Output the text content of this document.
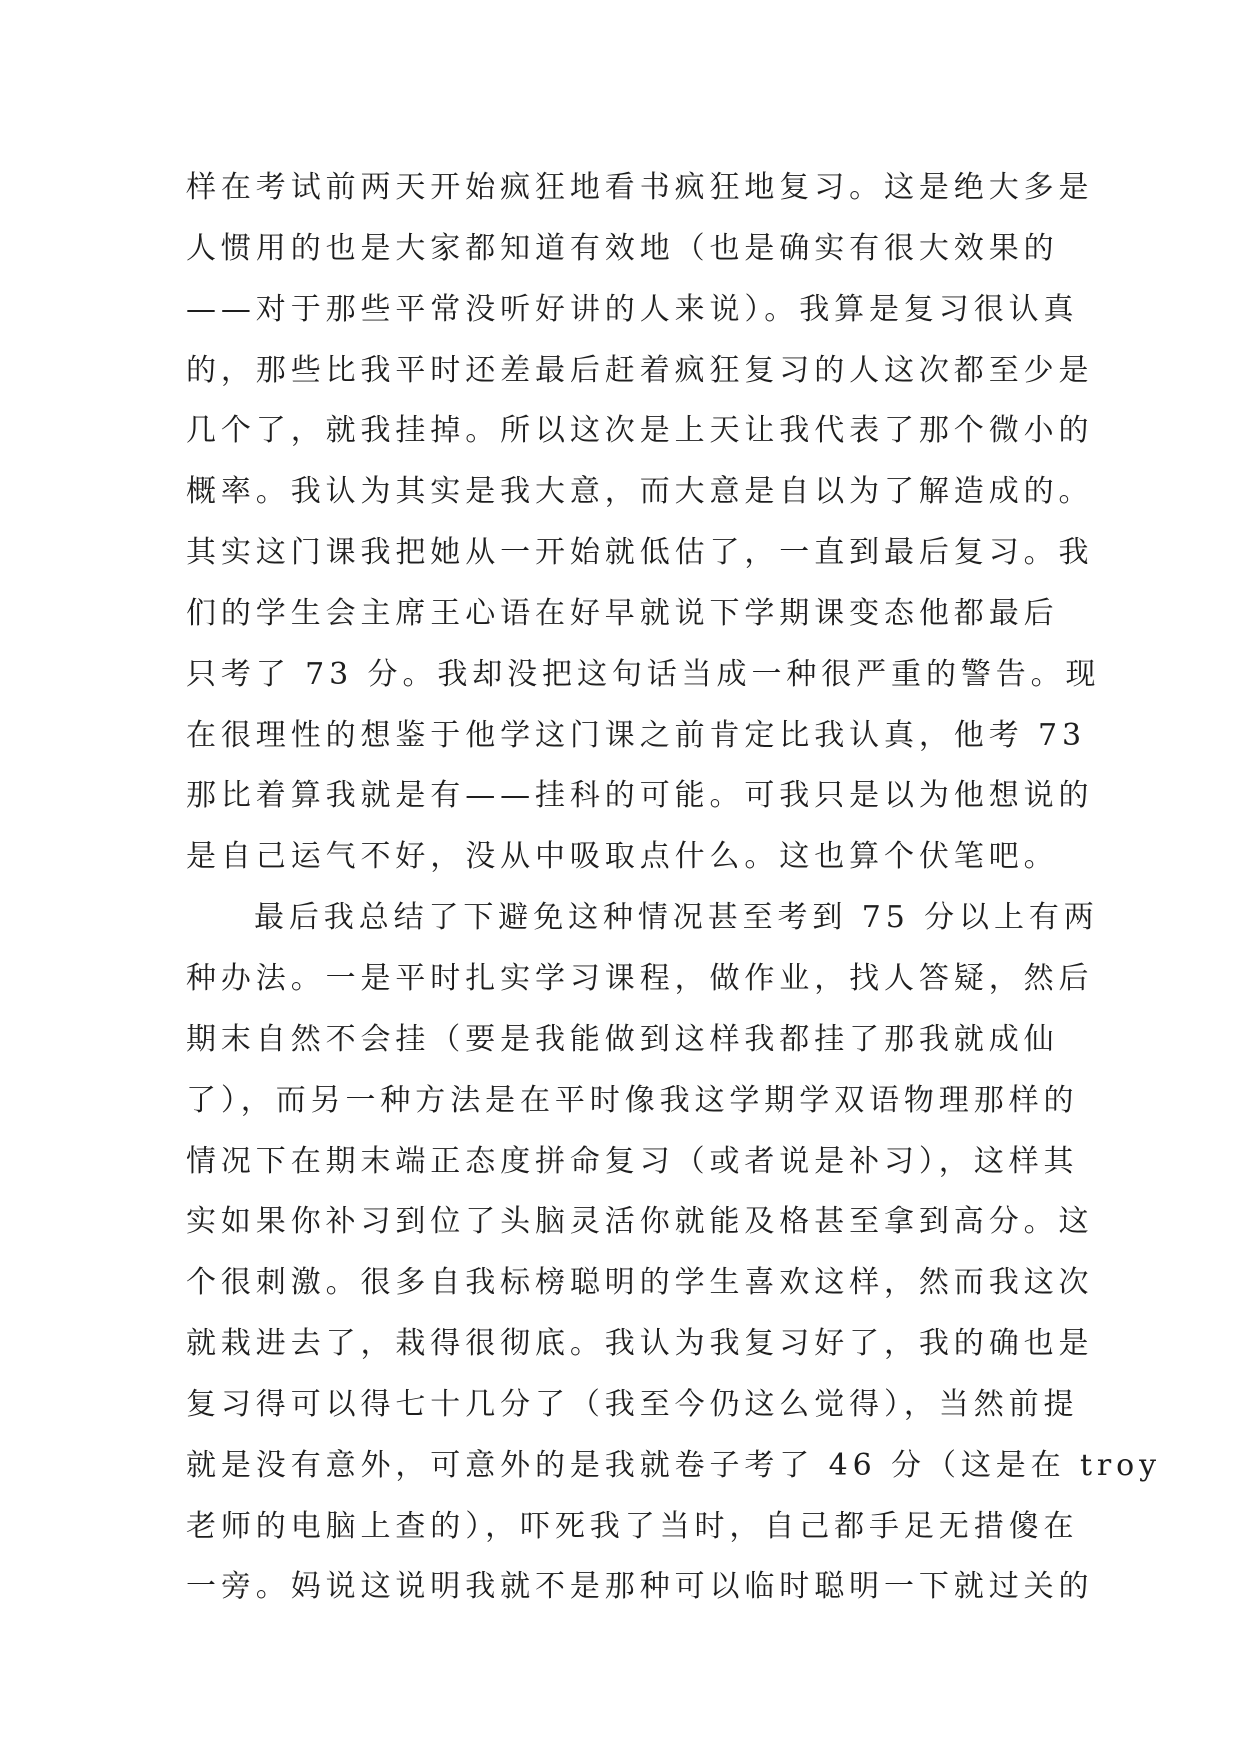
样在考试前两天开始疯狂地看书疯狂地复习。这是绝大多是
人惯用的也是大家都知道有效地（也是确实有很大效果的
——对于那些平常没听好讲的人来说）。我算是复习很认真
的，那些比我平时还差最后赶着疯狂复习的人这次都至少是
几个了，就我挂掉。所以这次是上天让我代表了那个微小的
概率。我认为其实是我大意，而大意是自以为了解造成的。
其实这门课我把她从一开始就低估了，一直到最后复习。我
们的学生会主席王心语在好早就说下学期课变态他都最后
只考了 73 分。我却没把这句话当成一种很严重的警告。现
在很理性的想鉴于他学这门课之前肯定比我认真，他考 73
那比着算我就是有——挂科的可能。可我只是以为他想说的
是自己运气不好，没从中吸取点什么。这也算个伏笔吧。
最后我总结了下避免这种情况甚至考到 75 分以上有两
种办法。一是平时扎实学习课程，做作业，找人答疑，然后
期末自然不会挂（要是我能做到这样我都挂了那我就成仙
了），而另一种方法是在平时像我这学期学双语物理那样的
情况下在期末端正态度拼命复习（或者说是补习），这样其
实如果你补习到位了头脑灵活你就能及格甚至拿到高分。这
个很刺激。很多自我标榜聪明的学生喜欢这样，然而我这次
就栽进去了，栽得很彻底。我认为我复习好了，我的确也是
复习得可以得七十几分了（我至今仍这么觉得），当然前提
就是没有意外，可意外的是我就卷子考了 46 分（这是在 troy
老师的电脑上查的），吓死我了当时，自己都手足无措傻在
一旁。妈说这说明我就不是那种可以临时聪明一下就过关的
